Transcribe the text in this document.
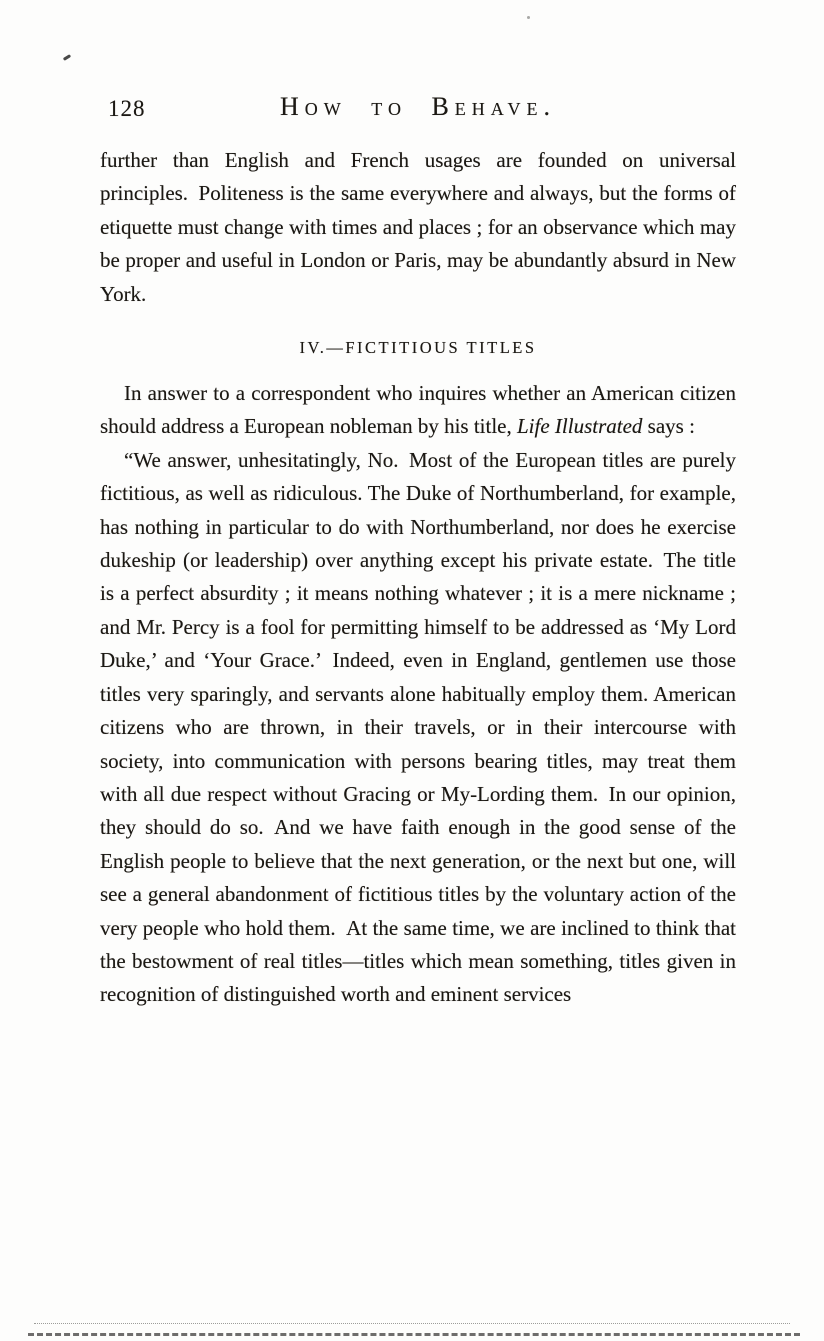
128	How to Behave.

further than English and French usages are founded on universal principles. Politeness is the same everywhere and always, but the forms of etiquette must change with times and places ; for an observance which may be proper and useful in London or Paris, may be abundantly absurd in New York.

IV.—FICTITIOUS TITLES

In answer to a correspondent who inquires whether an American citizen should address a European nobleman by his title, Life Illustrated says :

“We answer, unhesitatingly, No. Most of the European titles are purely fictitious, as well as ridiculous. The Duke of Northumberland, for example, has nothing in particular to do with Northumberland, nor does he exercise dukeship (or leadership) over anything except his private estate. The title is a perfect absurdity ; it means nothing whatever ; it is a mere nickname ; and Mr. Percy is a fool for permitting himself to be addressed as ‘My Lord Duke,’ and ‘Your Grace.’ Indeed, even in England, gentlemen use those titles very sparingly, and servants alone habitually employ them. American citizens who are thrown, in their travels, or in their intercourse with society, into communication with persons bearing titles, may treat them with all due respect without Gracing or My-Lording them. In our opinion, they should do so. And we have faith enough in the good sense of the English people to believe that the next generation, or the next but one, will see a general abandonment of fictitious titles by the voluntary action of the very people who hold them. At the same time, we are inclined to think that the bestowment of real titles—titles which mean something, titles given in recognition of distinguished worth and eminent services
